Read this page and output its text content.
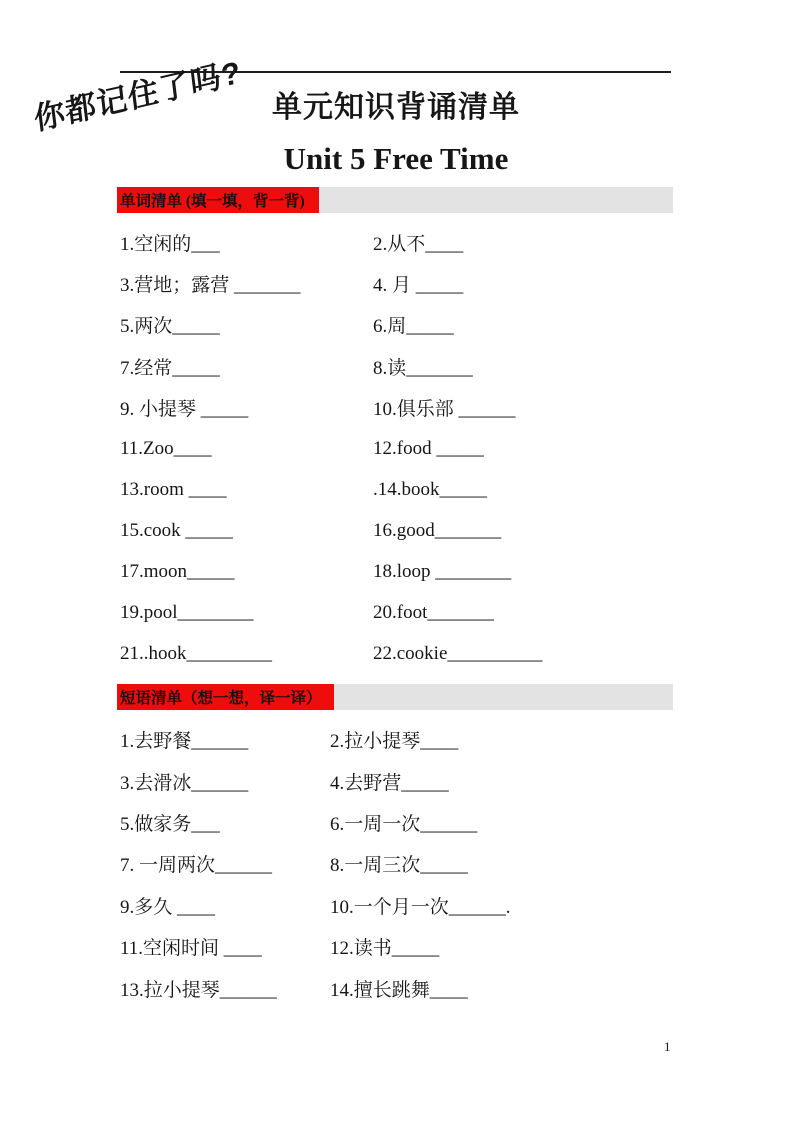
你都记住了吗? 单元知识背诵清单
Unit 5 Free Time
单词清单 (填一填，背一背)
1.空闲的___	2.从不____
3.营地；露营 _______	4. 月 _____
5.两次_____	6.周_____
7.经常_____	8.读_______
9. 小提琴 _____	10.俱乐部 ______
11.Zoo____	12.food _____
13.room ____	.14.book_____
15.cook _____	16.good_______
17.moon_____	18.loop ________
19.pool________	20.foot_______
21..hook_________	22.cookie__________
短语清单（想一想，译一译）
1.去野餐______	2.拉小提琴____
3.去滑冰______	4.去野营_____
5.做家务___	6.一周一次______
7. 一周两次______	8.一周三次_____
9.多久 ____	10.一个月一次______.
11.空闲时间 ____	12.读书_____
13.拉小提琴______	14.擅长跳舞____
1
